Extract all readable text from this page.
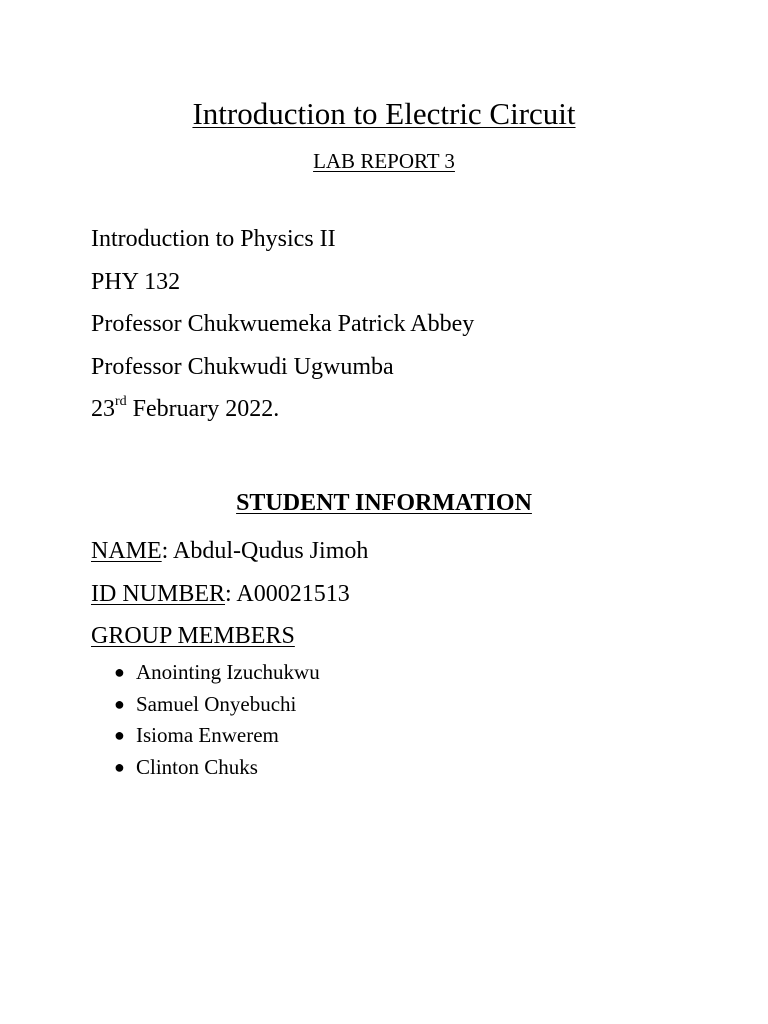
Introduction to Electric Circuit

LAB REPORT 3

Introduction to Physics II
PHY 132
Professor Chukwuemeka Patrick Abbey
Professor Chukwudi Ugwumba
23rd February 2022.
STUDENT INFORMATION
NAME: Abdul-Qudus Jimoh
ID NUMBER: A00021513
GROUP MEMBERS
● Anointing Izuchukwu
● Samuel Onyebuchi
● Isioma Enwerem
● Clinton Chuks
